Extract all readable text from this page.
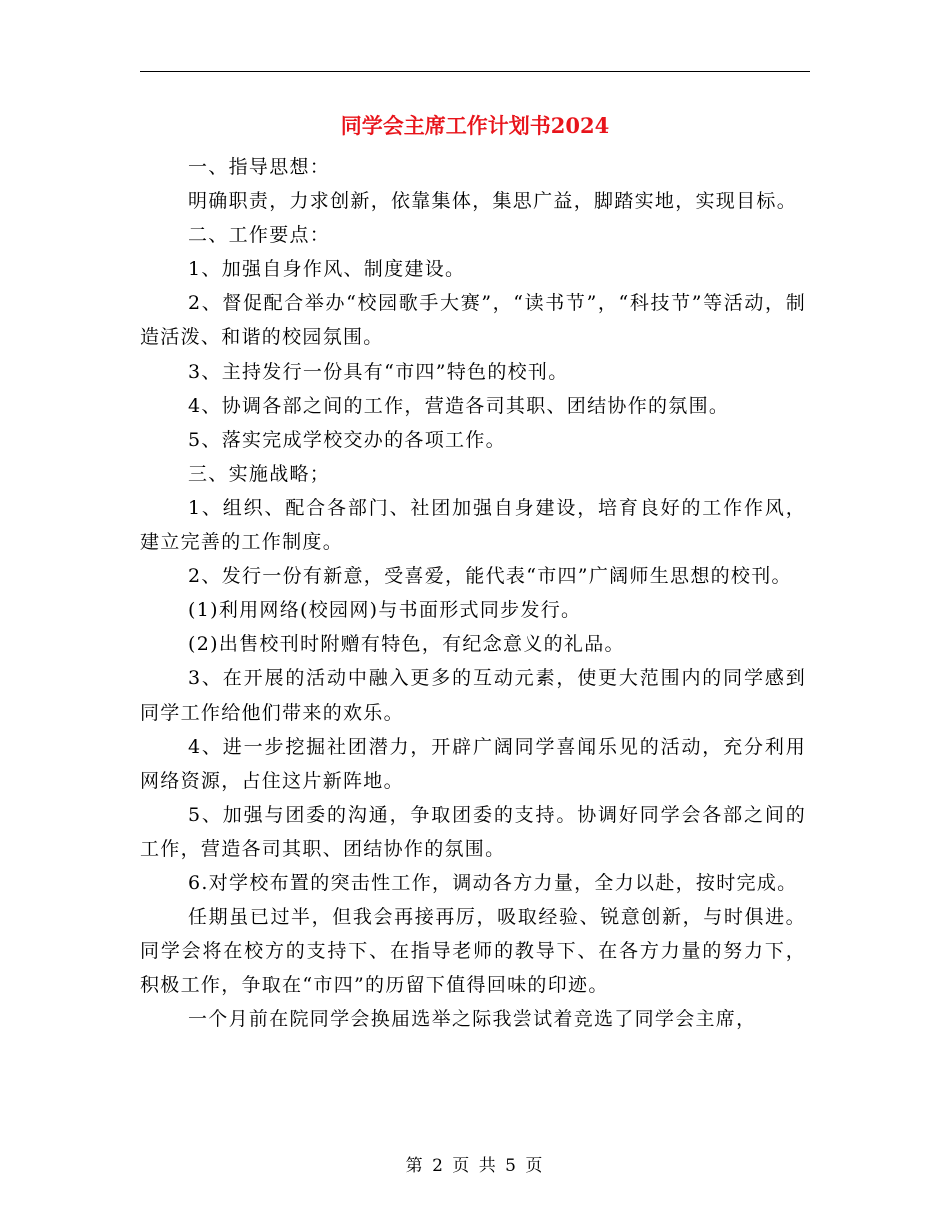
同学会主席工作计划书2024

一、指导思想：

明确职责，力求创新，依靠集体，集思广益，脚踏实地，实现目标。

二、工作要点：

1、加强自身作风、制度建设。

2、督促配合举办“校园歌手大赛”，“读书节”，“科技节”等活动，制造活泼、和谐的校园氛围。

3、主持发行一份具有“市四”特色的校刊。

4、协调各部之间的工作，营造各司其职、团结协作的氛围。

5、落实完成学校交办的各项工作。

三、实施战略；

1、组织、配合各部门、社团加强自身建设，培育良好的工作作风，建立完善的工作制度。

2、发行一份有新意，受喜爱，能代表“市四”广阔师生思想的校刊。

(1)利用网络(校园网)与书面形式同步发行。

(2)出售校刊时附赠有特色，有纪念意义的礼品。

3、在开展的活动中融入更多的互动元素，使更大范围内的同学感到同学工作给他们带来的欢乐。

4、进一步挖掘社团潜力，开辟广阔同学喜闻乐见的活动，充分利用网络资源，占住这片新阵地。

5、加强与团委的沟通，争取团委的支持。协调好同学会各部之间的工作，营造各司其职、团结协作的氛围。

6.对学校布置的突击性工作，调动各方力量，全力以赴，按时完成。

任期虽已过半，但我会再接再厉，吸取经验、锐意创新，与时俱进。同学会将在校方的支持下、在指导老师的教导下、在各方力量的努力下，积极工作，争取在“市四”的历留下值得回味的印迹。

一个月前在院同学会换届选举之际我尝试着竞选了同学会主席，

第 2 页 共 5 页
